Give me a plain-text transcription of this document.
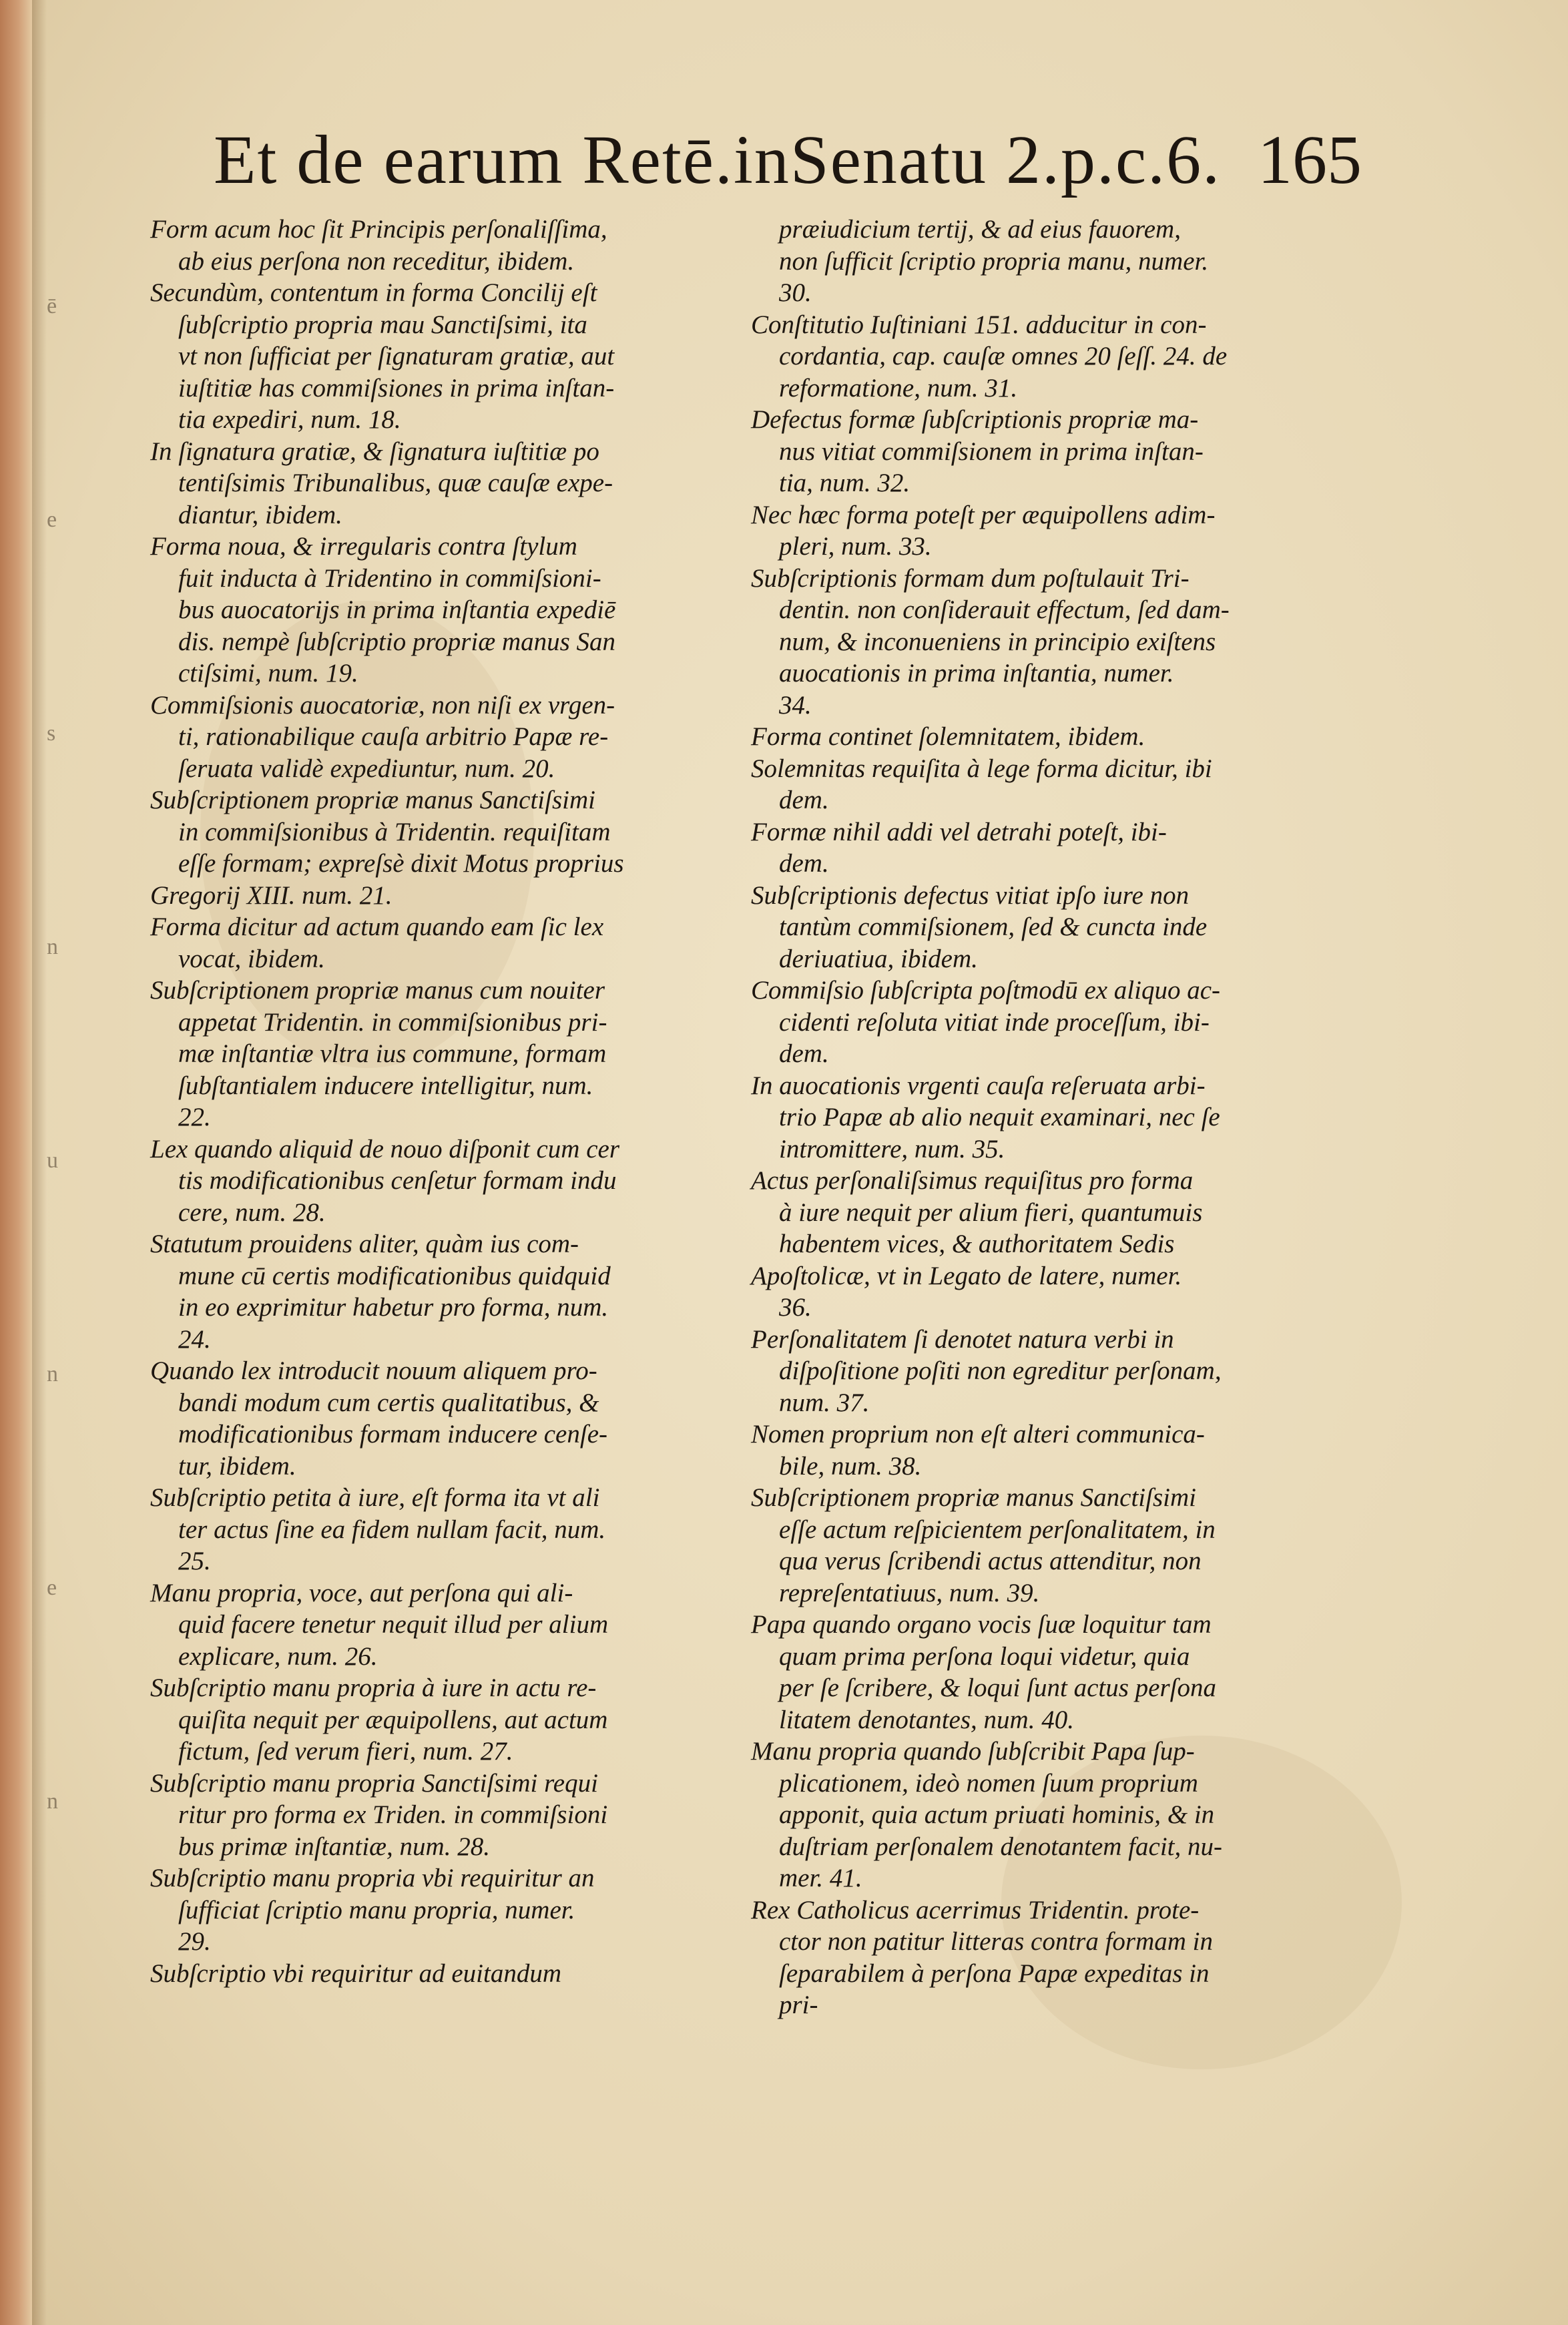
ē
e
s
n
u
n
e
n
Et de earum Retē.inSenatu 2.p.c.6. 165
Form acum hoc ſit Principis perſonaliſſima,
ab eius perſona non receditur, ibidem.
Secundùm, contentum in forma Concilij eſt
ſubſcriptio propria mau Sanctiſsimi, ita
vt non ſufficiat per ſignaturam gratiæ, aut
iuſtitiæ has commiſsiones in prima inſtan-
tia expediri, num. 18.
In ſignatura gratiæ, & ſignatura iuſtitiæ po
tentiſsimis Tribunalibus, quæ cauſæ expe-
diantur, ibidem.
Forma noua, & irregularis contra ſtylum
fuit inducta à Tridentino in commiſsioni-
bus auocatorijs in prima inſtantia expediē
dis. nempè ſubſcriptio propriæ manus San
ctiſsimi, num. 19.
Commiſsionis auocatoriæ, non niſi ex vrgen-
ti, rationabilique cauſa arbitrio Papæ re-
ſeruata validè expediuntur, num. 20.
Subſcriptionem propriæ manus Sanctiſsimi
in commiſsionibus à Tridentin. requiſitam
eſſe formam; expreſsè dixit Motus proprius
Gregorij XIII. num. 21.
Forma dicitur ad actum quando eam ſic lex
vocat, ibidem.
Subſcriptionem propriæ manus cum nouiter
appetat Tridentin. in commiſsionibus pri-
mæ inſtantiæ vltra ius commune, formam
ſubſtantialem inducere intelligitur, num.
22.
Lex quando aliquid de nouo diſponit cum cer
tis modificationibus cenſetur formam indu
cere, num. 28.
Statutum prouidens aliter, quàm ius com-
mune cū certis modificationibus quidquid
in eo exprimitur habetur pro forma, num.
24.
Quando lex introducit nouum aliquem pro-
bandi modum cum certis qualitatibus, &
modificationibus formam inducere cenſe-
tur, ibidem.
Subſcriptio petita à iure, eſt forma ita vt ali
ter actus ſine ea fidem nullam facit, num.
25.
Manu propria, voce, aut perſona qui ali-
quid facere tenetur nequit illud per alium
explicare, num. 26.
Subſcriptio manu propria à iure in actu re-
quiſita nequit per æquipollens, aut actum
fictum, ſed verum fieri, num. 27.
Subſcriptio manu propria Sanctiſsimi requi
ritur pro forma ex Triden. in commiſsioni
bus primæ inſtantiæ, num. 28.
Subſcriptio manu propria vbi requiritur an
ſufficiat ſcriptio manu propria, numer.
29.
Subſcriptio vbi requiritur ad euitandum
præiudicium tertij, & ad eius fauorem,
non ſufficit ſcriptio propria manu, numer.
30.
Conſtitutio Iuſtiniani 151. adducitur in con-
cordantia, cap. cauſæ omnes 20 ſeſſ. 24. de
reformatione, num. 31.
Defectus formæ ſubſcriptionis propriæ ma-
nus vitiat commiſsionem in prima inſtan-
tia, num. 32.
Nec hæc forma poteſt per æquipollens adim-
pleri, num. 33.
Subſcriptionis formam dum poſtulauit Tri-
dentin. non conſiderauit effectum, ſed dam-
num, & inconueniens in principio exiſtens
auocationis in prima inſtantia, numer.
34.
Forma continet ſolemnitatem, ibidem.
Solemnitas requiſita à lege forma dicitur, ibi
dem.
Formæ nihil addi vel detrahi poteſt, ibi-
dem.
Subſcriptionis defectus vitiat ipſo iure non
tantùm commiſsionem, ſed & cuncta inde
deriuatiua, ibidem.
Commiſsio ſubſcripta poſtmodū ex aliquo ac-
cidenti reſoluta vitiat inde proceſſum, ibi-
dem.
In auocationis vrgenti cauſa reſeruata arbi-
trio Papæ ab alio nequit examinari, nec ſe
intromittere, num. 35.
Actus perſonaliſsimus requiſitus pro forma
à iure nequit per alium fieri, quantumuis
habentem vices, & authoritatem Sedis
Apoſtolicæ, vt in Legato de latere, numer.
36.
Perſonalitatem ſi denotet natura verbi in
diſpoſitione poſiti non egreditur perſonam,
num. 37.
Nomen proprium non eſt alteri communica-
bile, num. 38.
Subſcriptionem propriæ manus Sanctiſsimi
eſſe actum reſpicientem perſonalitatem, in
qua verus ſcribendi actus attenditur, non
repreſentatiuus, num. 39.
Papa quando organo vocis ſuæ loquitur tam
quam prima perſona loqui videtur, quia
per ſe ſcribere, & loqui ſunt actus perſona
litatem denotantes, num. 40.
Manu propria quando ſubſcribit Papa ſup-
plicationem, ideò nomen ſuum proprium
apponit, quia actum priuati hominis, & in
duſtriam perſonalem denotantem facit, nu-
mer. 41.
Rex Catholicus acerrimus Tridentin. prote-
ctor non patitur litteras contra formam in
ſeparabilem à perſona Papæ expeditas in
pri-
